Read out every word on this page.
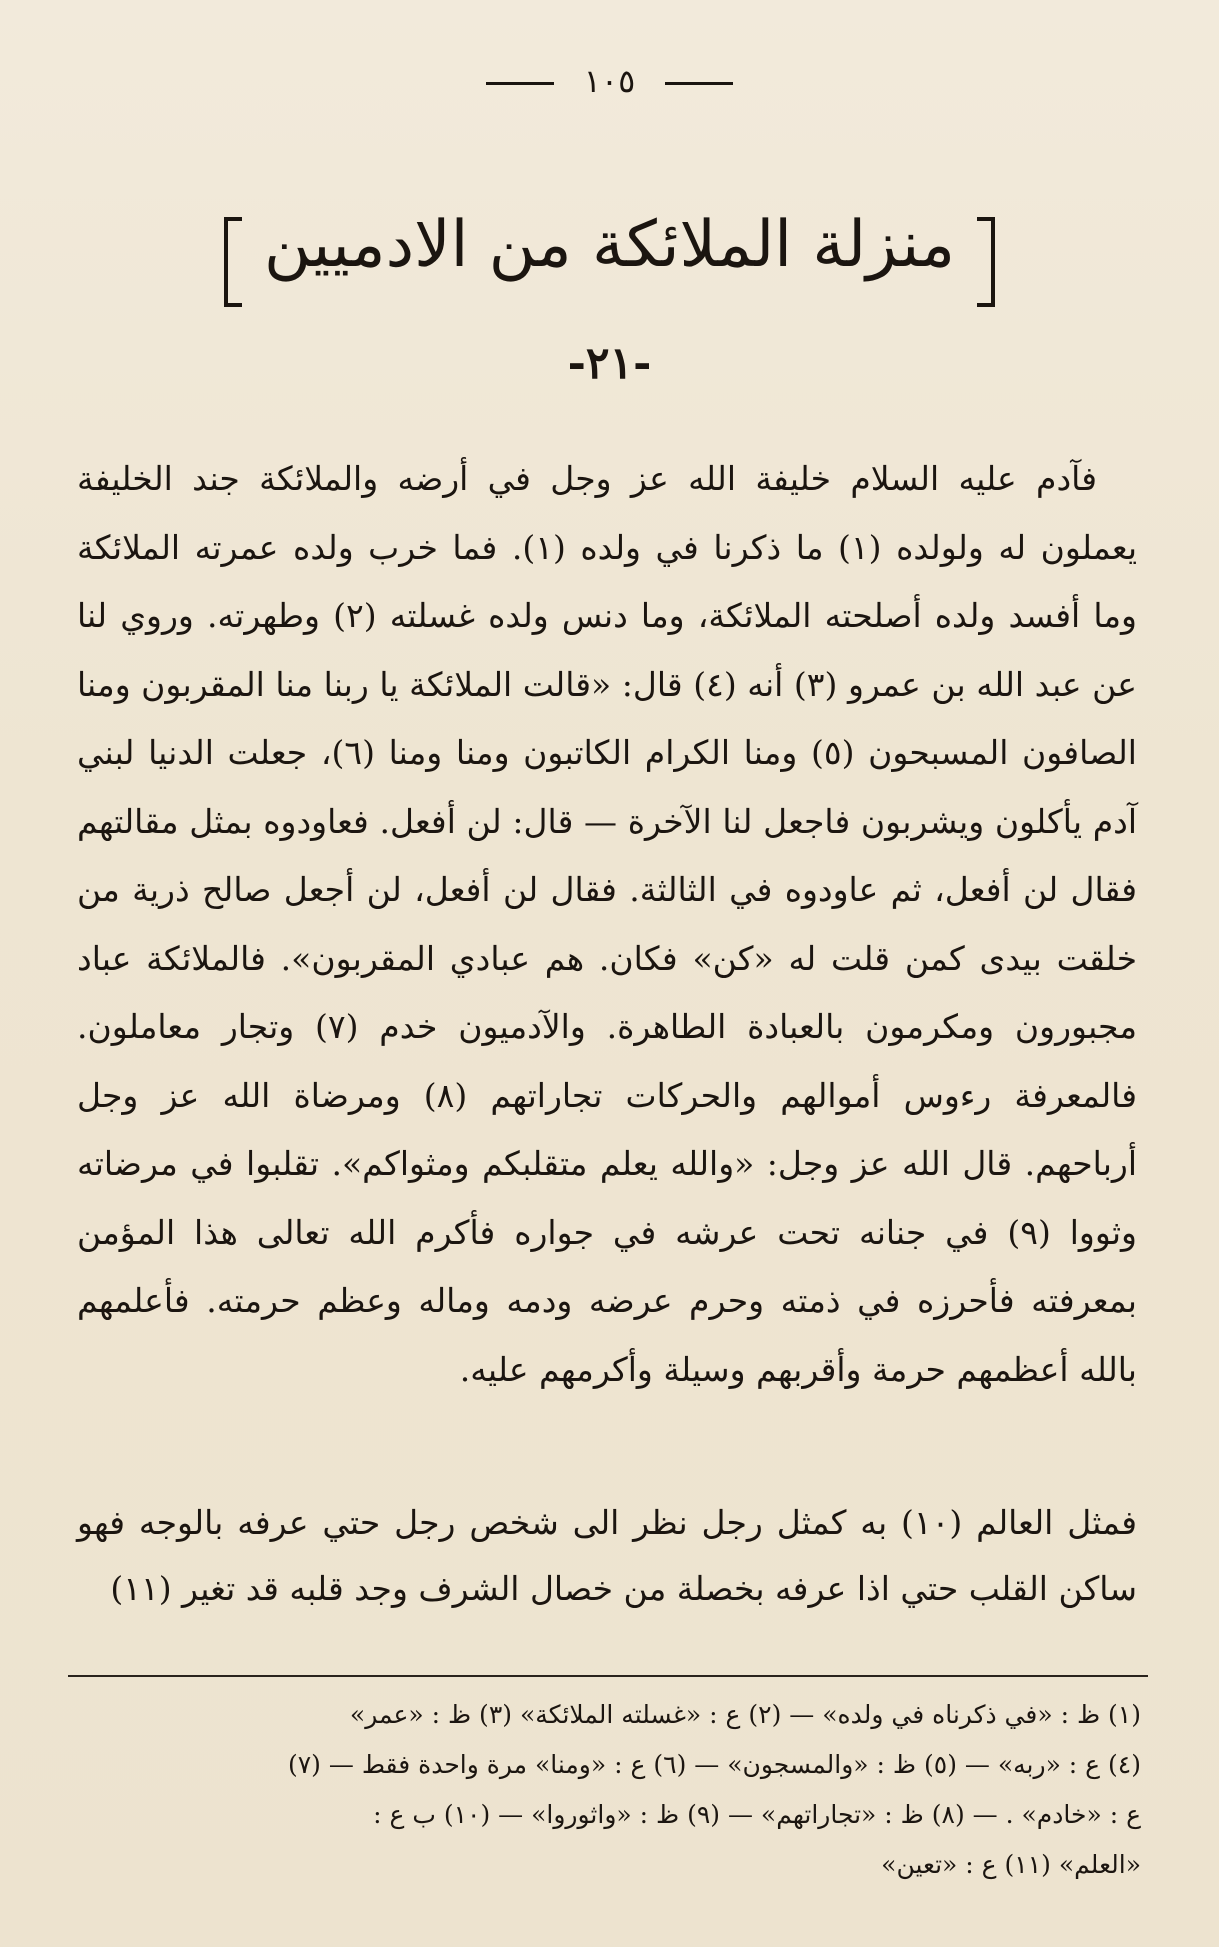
١٠٥
منزلة الملائكة من الادميين
-٢١-

فآدم عليه السلام خليفة الله عز وجل في أرضه والملائكة جند الخليفة يعملون له ولولده (١) ما ذكرنا في ولده (١). فما خرب ولده عمرته الملائكة وما أفسد ولده أصلحته الملائكة، وما دنس ولده غسلته (٢) وطهرته. وروي لنا عن عبد الله بن عمرو (٣) أنه (٤) قال: «قالت الملائكة يا ربنا منا المقربون ومنا الصافون المسبحون (٥) ومنا الكرام الكاتبون ومنا ومنا (٦)، جعلت الدنيا لبني آدم يأكلون ويشربون فاجعل لنا الآخرة — قال: لن أفعل. فعاودوه بمثل مقالتهم فقال لن أفعل، ثم عاودوه في الثالثة. فقال لن أفعل، لن أجعل صالح ذرية من خلقت بيدى كمن قلت له «كن» فكان. هم عبادي المقربون». فالملائكة عباد مجبورون ومكرمون بالعبادة الطاهرة. والآدميون خدم (٧) وتجار معاملون. فالمعرفة رءوس أموالهم والحركات تجاراتهم (٨) ومرضاة الله عز وجل أرباحهم. قال الله عز وجل: «والله يعلم متقلبكم ومثواكم». تقلبوا في مرضاته وثووا (٩) في جنانه تحت عرشه في جواره فأكرم الله تعالى هذا المؤمن بمعرفته فأحرزه في ذمته وحرم عرضه ودمه وماله وعظم حرمته. فأعلمهم بالله أعظمهم حرمة وأقربهم وسيلة وأكرمهم عليه.

فمثل العالم (١٠) به كمثل رجل نظر الى شخص رجل حتي عرفه بالوجه فهو ساكن القلب حتي اذا عرفه بخصلة من خصال الشرف وجد قلبه قد تغير (١١)

(١) ظ : «في ذكرناه في ولده» — (٢) ع : «غسلته الملائكة» (٣) ظ : «عمر»
(٤) ع : «ربه» — (٥) ظ : «والمسجون» — (٦) ع : «ومنا» مرة واحدة فقط — (٧)
ع : «خادم» . — (٨) ظ : «تجاراتهم» — (٩) ظ : «واثوروا» — (١٠) ب ع :
«العلم» (١١) ع : «تعين»
